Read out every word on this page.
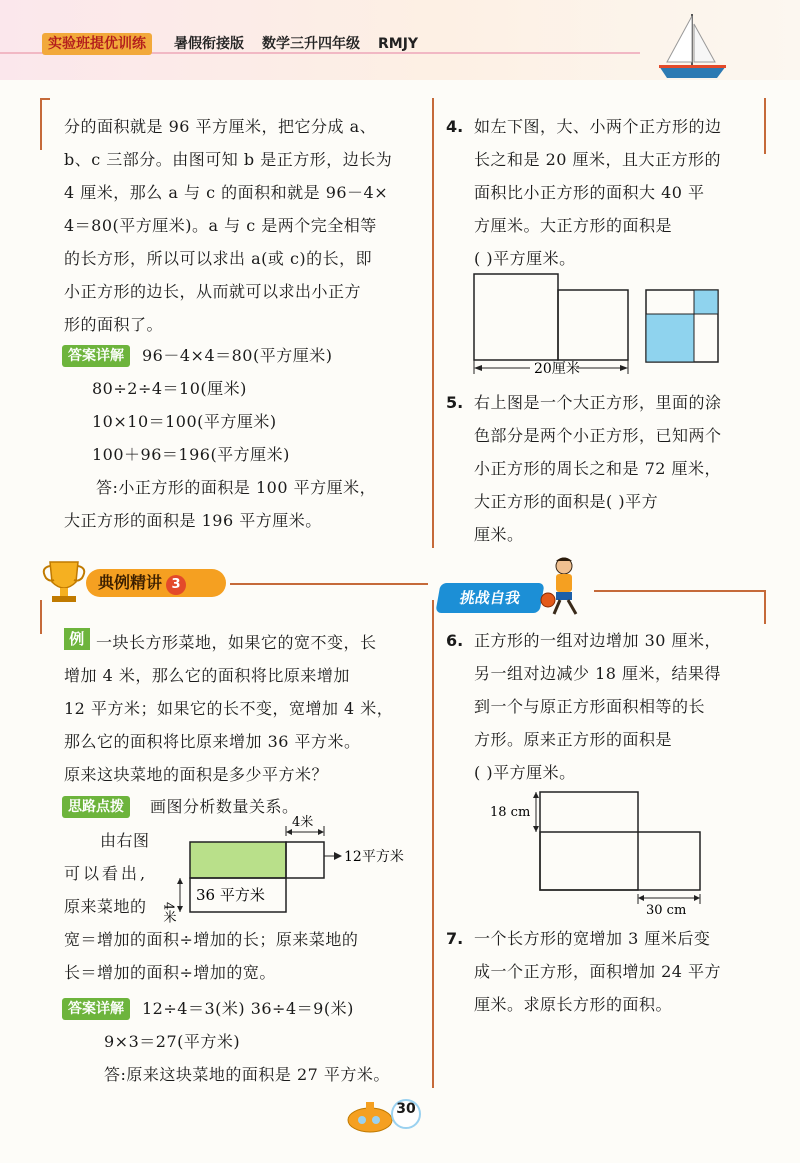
实验班提优训练	暑假衔接版 数学三升四年级 RMJY
分的面积就是 96 平方厘米，把它分成 a、
b、c 三部分。由图可知 b 是正方形，边长为
4 厘米，那么 a 与 c 的面积和就是 96－4×
4＝80(平方厘米)。a 与 c 是两个完全相等
的长方形，所以可以求出 a(或 c)的长，即
小正方形的边长，从而就可以求出小正方
形的面积了。
答案详解	96－4×4＝80(平方厘米)
80÷2÷4＝10(厘米)
10×10＝100(平方厘米)
100＋96＝196(平方厘米)
答:小正方形的面积是 100 平方厘米，
大正方形的面积是 196 平方厘米。
4. 如左下图，大、小两个正方形的边
长之和是 20 厘米，且大正方形的
面积比小正方形的面积大 40 平
方厘米。大正方形的面积是
( )平方厘米。
20厘米
5. 右上图是一个大正方形，里面的涂
色部分是两个小正方形，已知两个
小正方形的周长之和是 72 厘米，
大正方形的面积是( )平方
厘米。
典例精讲 3
挑战自我
例 一块长方形菜地，如果它的宽不变，长
增加 4 米，那么它的面积将比原来增加
12 平方米；如果它的长不变，宽增加 4 米，
那么它的面积将比原来增加 36 平方米。
原来这块菜地的面积是多少平方米？
思路点拨	画图分析数量关系。
由右图
可以看出,
原来菜地的
4米
12平方米
36 平方米
4米
宽＝增加的面积÷增加的长；原来菜地的
长＝增加的面积÷增加的宽。
答案详解	12÷4＝3(米) 36÷4＝9(米)
9×3＝27(平方米)
答:原来这块菜地的面积是 27 平方米。
6. 正方形的一组对边增加 30 厘米，
另一组对边减少 18 厘米，结果得
到一个与原正方形面积相等的长
方形。原来正方形的面积是
( )平方厘米。
18 cm
30 cm
7. 一个长方形的宽增加 3 厘米后变
成一个正方形，面积增加 24 平方
厘米。求原长方形的面积。
30
